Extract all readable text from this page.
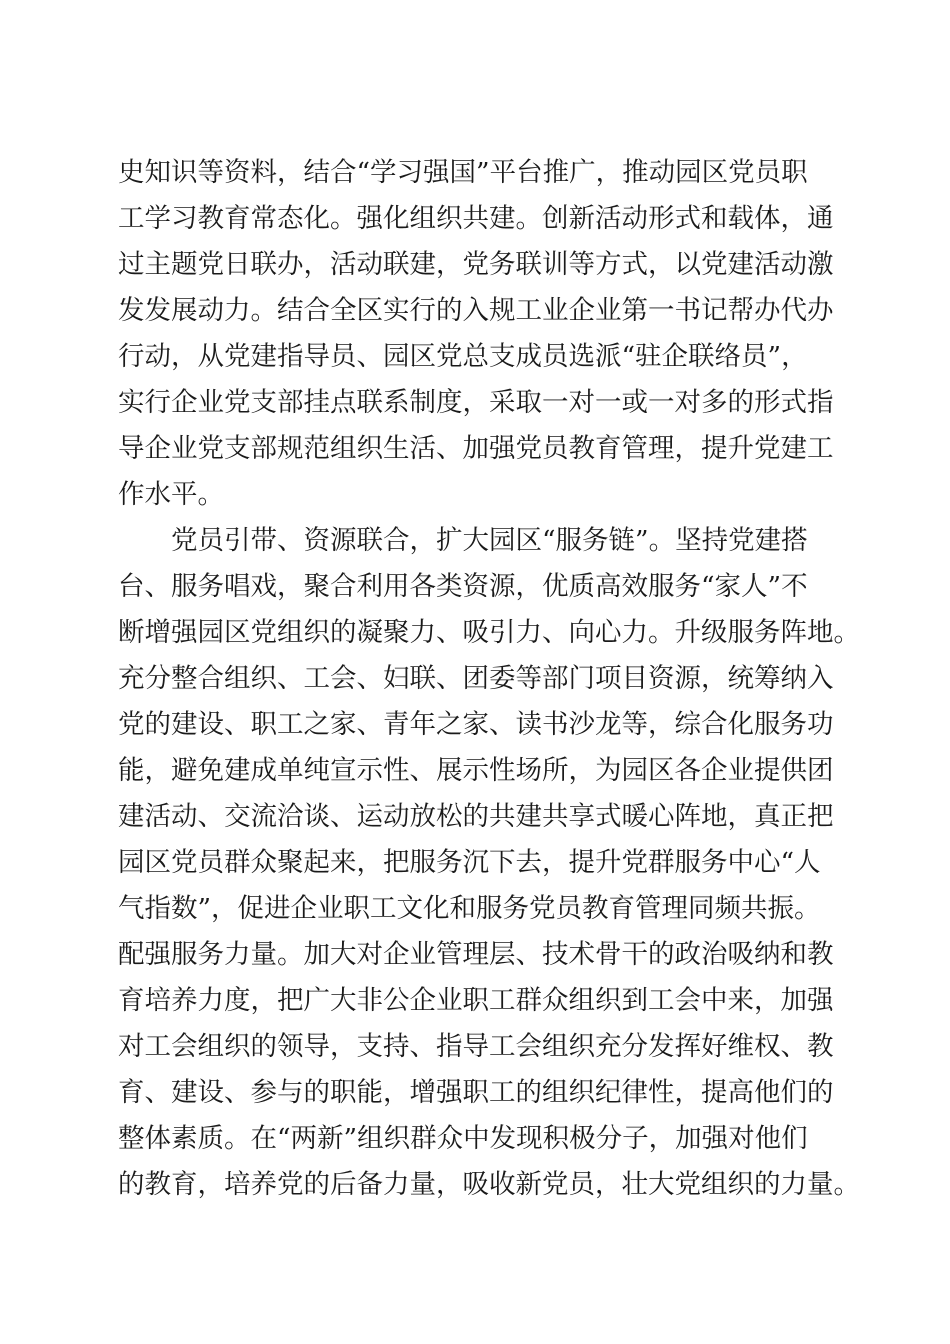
史知识等资料，结合“学习强国”平台推广，推动园区党员职
工学习教育常态化。强化组织共建。创新活动形式和载体，通
过主题党日联办，活动联建，党务联训等方式，以党建活动激
发发展动力。结合全区实行的入规工业企业第一书记帮办代办
行动，从党建指导员、园区党总支成员选派“驻企联络员”，
实行企业党支部挂点联系制度，采取一对一或一对多的形式指
导企业党支部规范组织生活、加强党员教育管理，提升党建工
作水平。
　　党员引带、资源联合，扩大园区“服务链”。坚持党建搭
台、服务唱戏，聚合利用各类资源，优质高效服务“家人”不
断增强园区党组织的凝聚力、吸引力、向心力。升级服务阵地。
充分整合组织、工会、妇联、团委等部门项目资源，统筹纳入
党的建设、职工之家、青年之家、读书沙龙等，综合化服务功
能，避免建成单纯宣示性、展示性场所，为园区各企业提供团
建活动、交流洽谈、运动放松的共建共享式暖心阵地，真正把
园区党员群众聚起来，把服务沉下去，提升党群服务中心“人
气指数”，促进企业职工文化和服务党员教育管理同频共振。
配强服务力量。加大对企业管理层、技术骨干的政治吸纳和教
育培养力度，把广大非公企业职工群众组织到工会中来，加强
对工会组织的领导，支持、指导工会组织充分发挥好维权、教
育、建设、参与的职能，增强职工的组织纪律性，提高他们的
整体素质。在“两新”组织群众中发现积极分子，加强对他们
的教育，培养党的后备力量，吸收新党员，壮大党组织的力量。
